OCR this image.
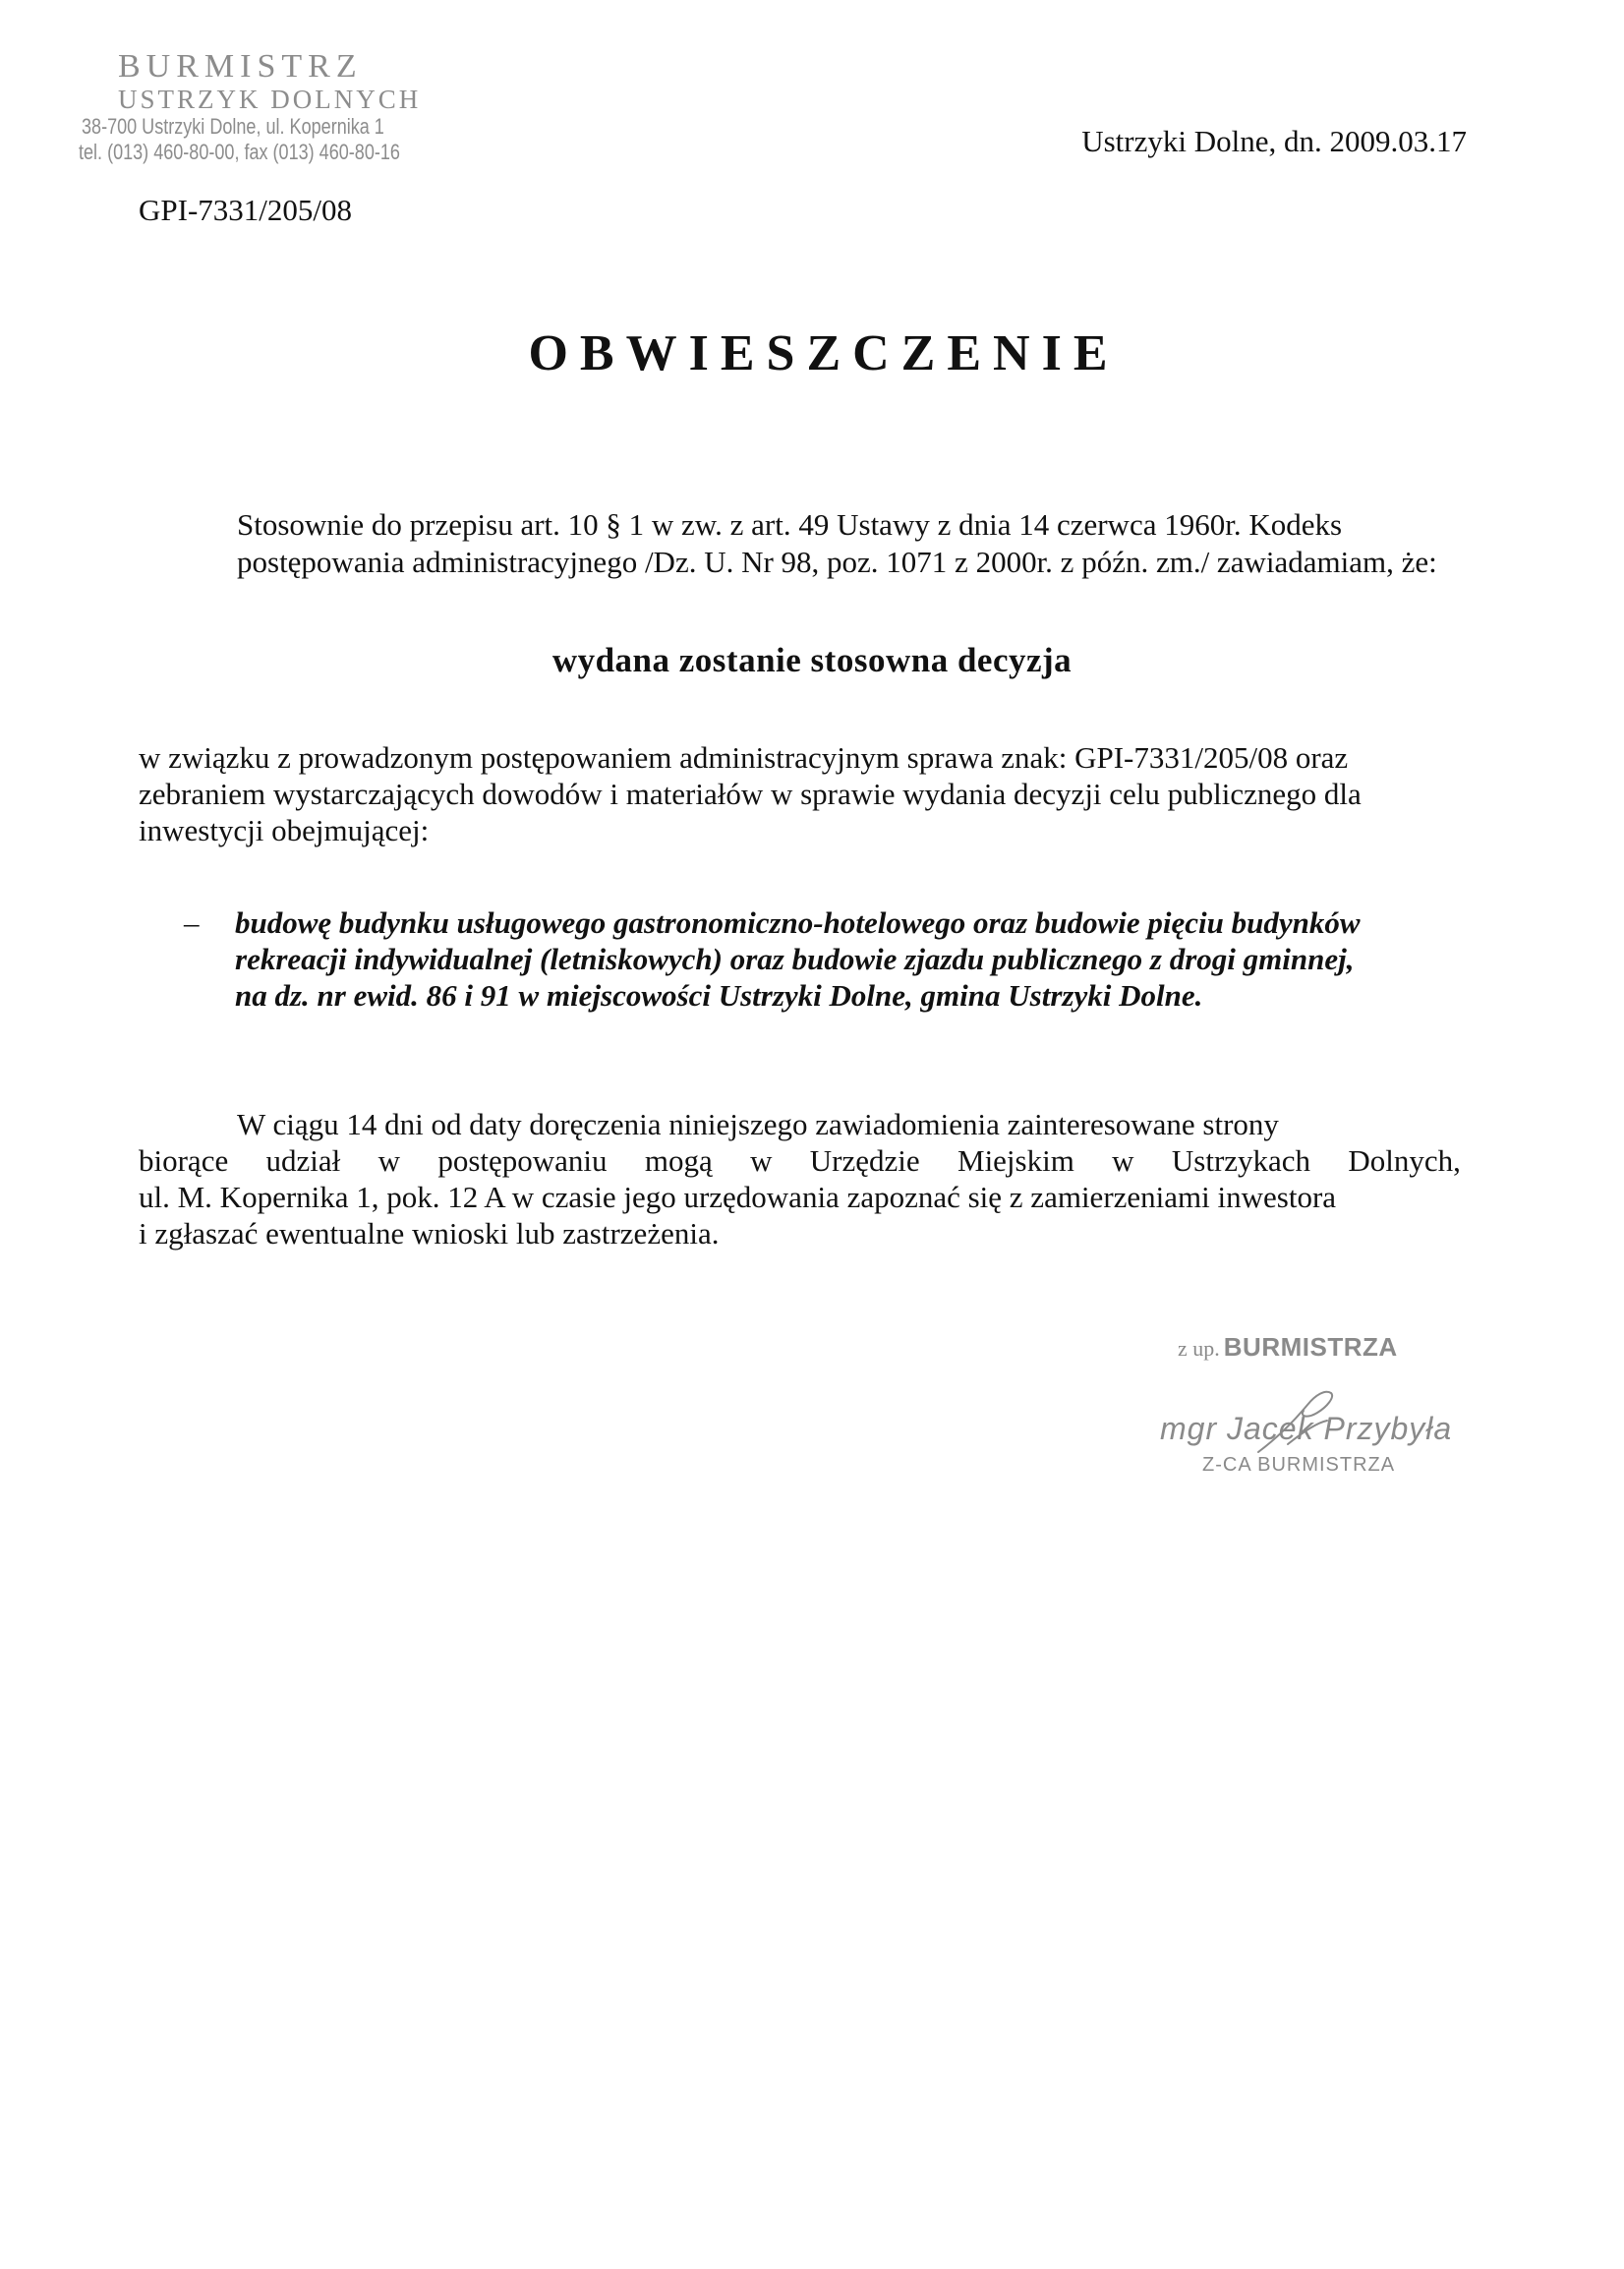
BURMISTRZ
USTRZYK DOLNYCH
38-700 Ustrzyki Dolne, ul. Kopernika 1
tel. (013) 460-80-00, fax (013) 460-80-16	Ustrzyki Dolne, dn. 2009.03.17
GPI-7331/205/08
OBWIESZCZENIE
Stosownie do przepisu art. 10 § 1 w zw. z art. 49 Ustawy z dnia 14 czerwca 1960r. Kodeks
postępowania administracyjnego /Dz. U. Nr 98, poz. 1071 z 2000r. z późn. zm./ zawiadamiam, że:
wydana zostanie stosowna decyzja
w związku z prowadzonym postępowaniem administracyjnym sprawa znak: GPI-7331/205/08 oraz
zebraniem wystarczających dowodów i materiałów w sprawie wydania decyzji celu publicznego dla
inwestycji obejmującej:
– budowę budynku usługowego gastronomiczno-hotelowego oraz budowie pięciu budynków
rekreacji indywidualnej (letniskowych) oraz budowie zjazdu publicznego z drogi gminnej,
na dz. nr ewid. 86 i 91 w miejscowości Ustrzyki Dolne, gmina Ustrzyki Dolne.
W ciągu 14 dni od daty doręczenia niniejszego zawiadomienia zainteresowane strony
biorące udział w postępowaniu mogą w Urzędzie Miejskim w Ustrzykach Dolnych,
ul. M. Kopernika 1, pok. 12 A w czasie jego urzędowania zapoznać się z zamierzeniami inwestora
i zgłaszać ewentualne wnioski lub zastrzeżenia.
z up. BURMISTRZA
mgr Jacek Przybyła
Z-CA BURMISTRZA
